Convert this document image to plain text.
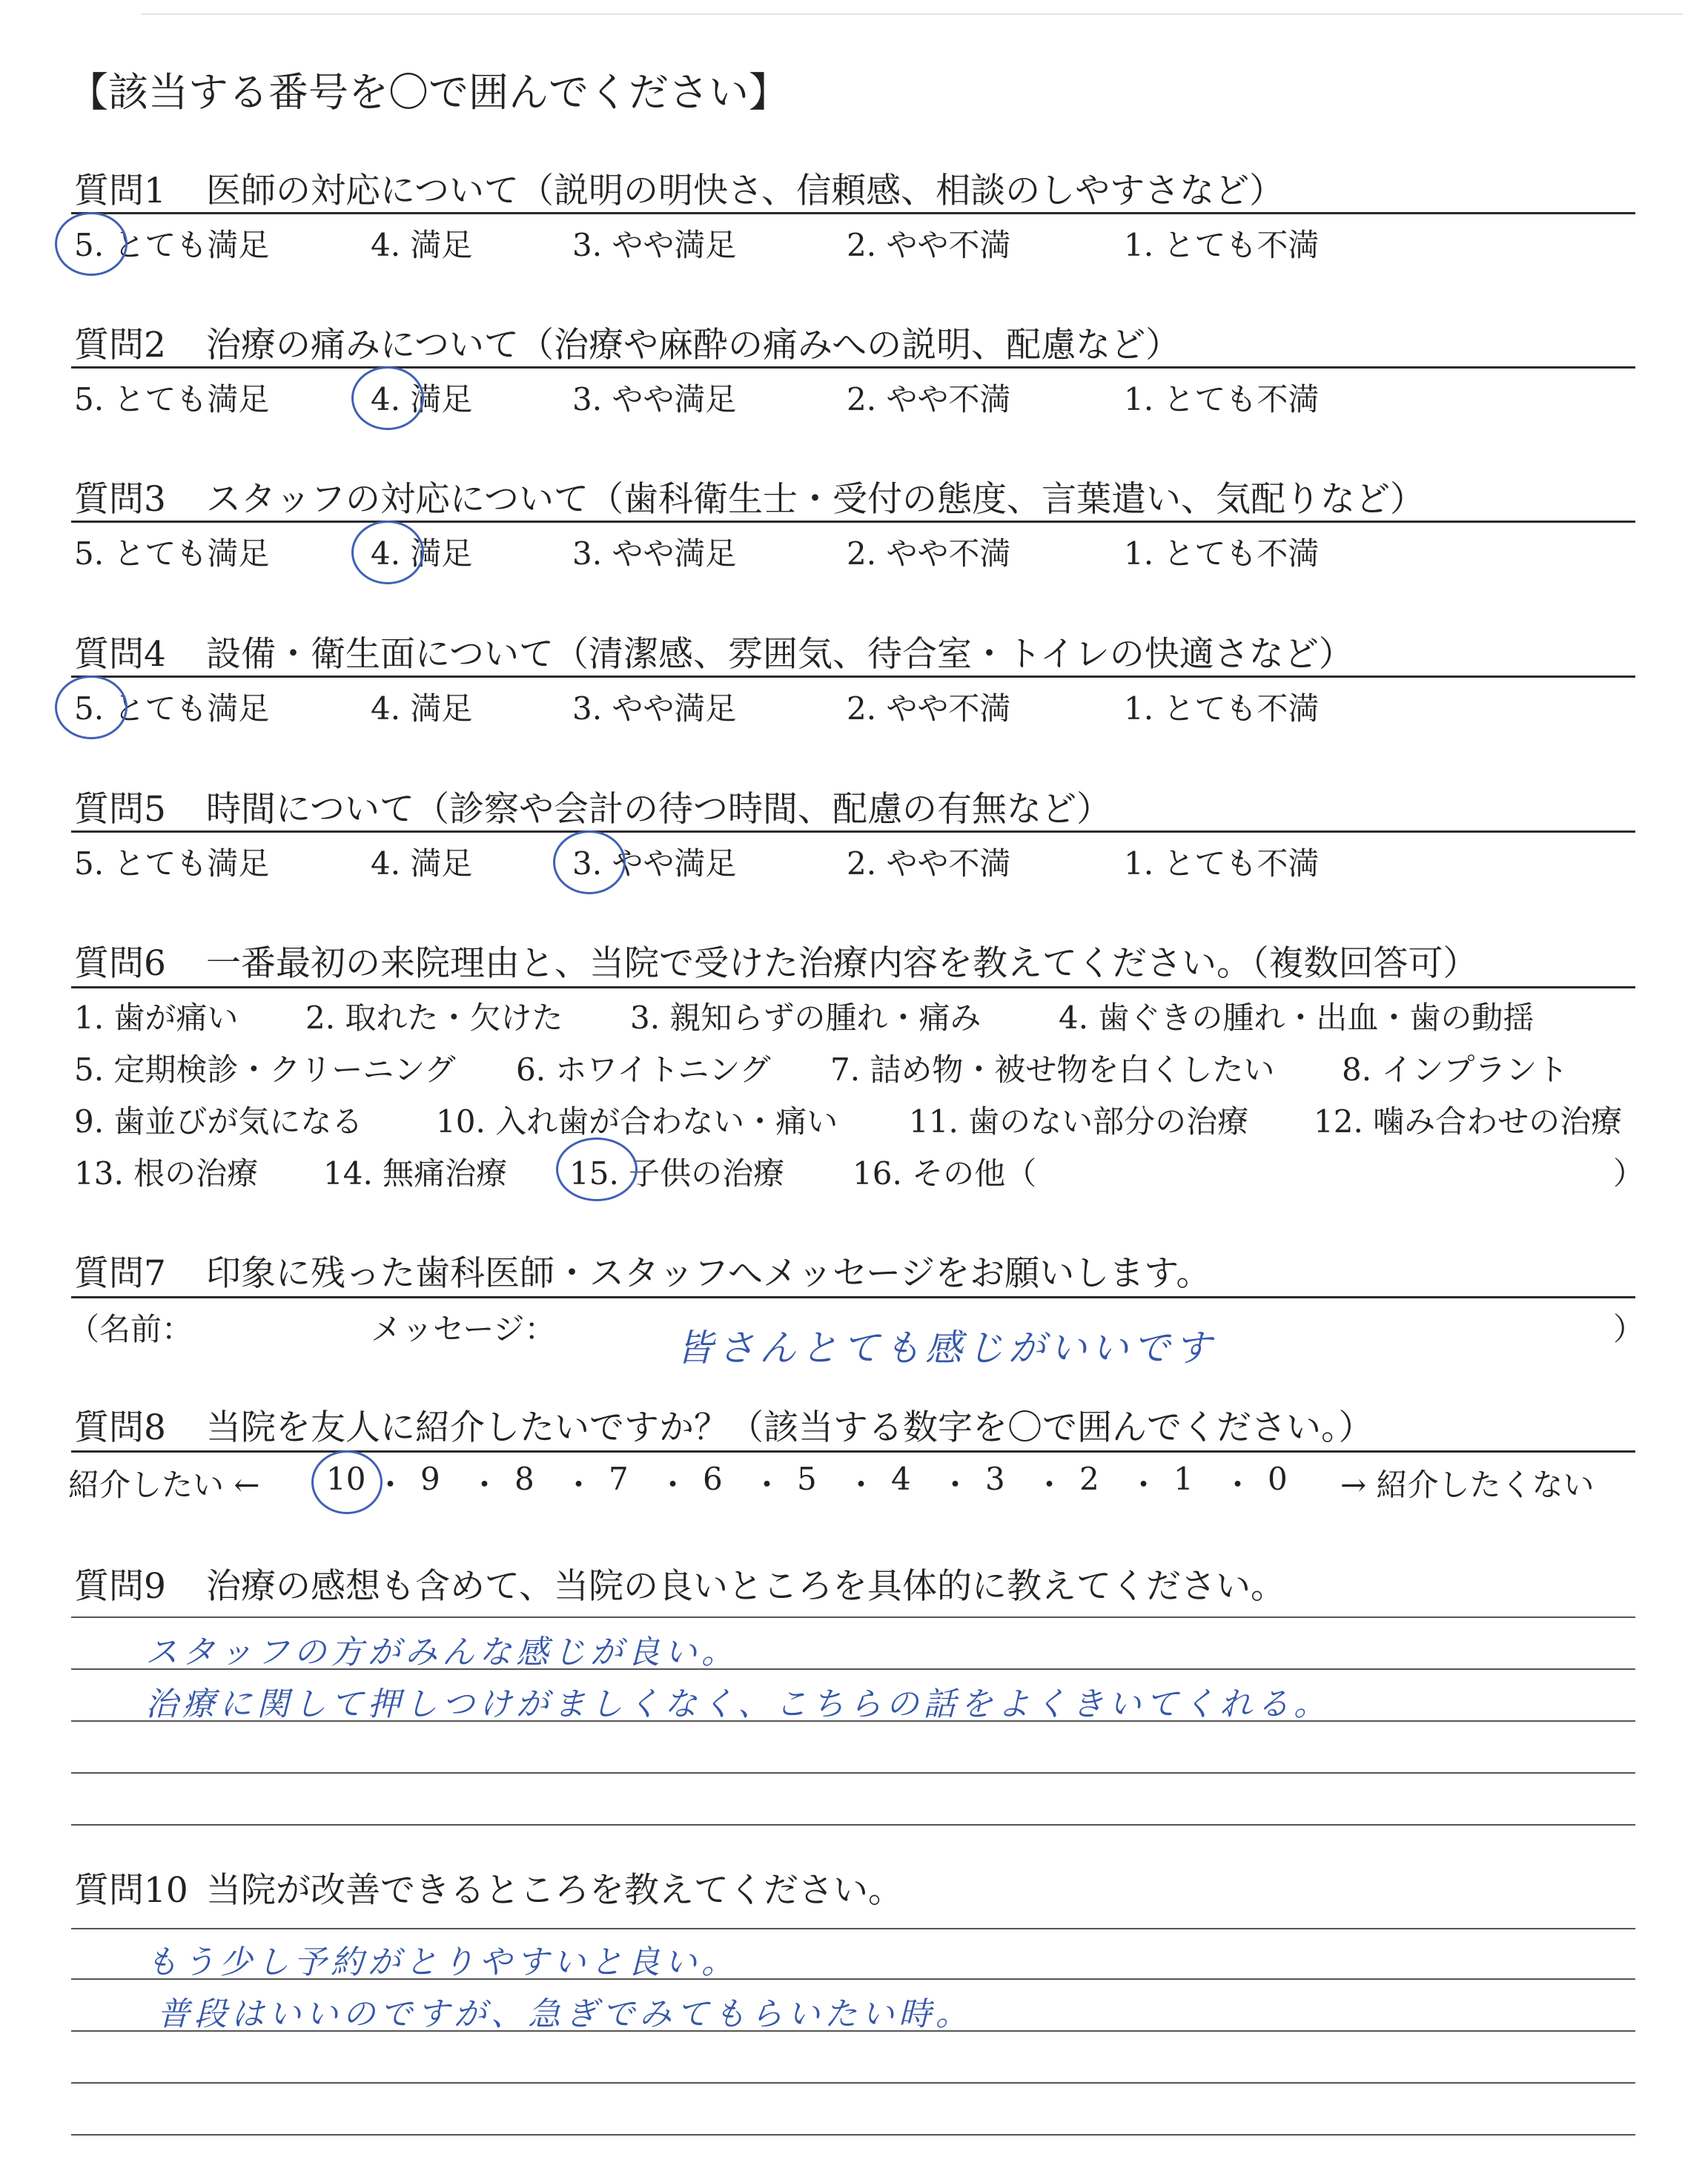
【該当する番号を〇で囲んでください】
質問1 医師の対応について（説明の明快さ、信頼感、相談のしやすさなど）
5. とても満足	4. 満足	3. やや満足	2. やや不満	1. とても不満
質問2 治療の痛みについて（治療や麻酔の痛みへの説明、配慮など）
5. とても満足	4. 満足	3. やや満足	2. やや不満	1. とても不満
質問3 スタッフの対応について（歯科衛生士・受付の態度、言葉遣い、気配りなど）
5. とても満足	4. 満足	3. やや満足	2. やや不満	1. とても不満
質問4 設備・衛生面について（清潔感、雰囲気、待合室・トイレの快適さなど）
5. とても満足	4. 満足	3. やや満足	2. やや不満	1. とても不満
質問5 時間について（診察や会計の待つ時間、配慮の有無など）
5. とても満足	4. 満足	3. やや満足	2. やや不満	1. とても不満
質問6 一番最初の来院理由と、当院で受けた治療内容を教えてください。（複数回答可）
1. 歯が痛い 2. 取れた・欠けた 3. 親知らずの腫れ・痛み 4. 歯ぐきの腫れ・出血・歯の動揺
5. 定期検診・クリーニング 6. ホワイトニング 7. 詰め物・被せ物を白くしたい 8. インプラント
9. 歯並びが気になる 10. 入れ歯が合わない・痛い 11. 歯のない部分の治療 12. 噛み合わせの治療
13. 根の治療 14. 無痛治療 15. 子供の治療 16. その他（	）
質問7 印象に残った歯科医師・スタッフへメッセージをお願いします。
（名前：	メッセージ：	）
皆さんとても感じがいいです
質問8 当院を友人に紹介したいですか？（該当する数字を〇で囲んでください。）
紹介したい ← 10 ・ 9 ・ 8 ・ 7 ・ 6 ・ 5 ・ 4 ・ 3 ・ 2 ・ 1 ・ 0 → 紹介したくない
質問9 治療の感想も含めて、当院の良いところを具体的に教えてください。
スタッフの方がみんな感じが良い。
治療に関して押しつけがましくなく、こちらの話をよくきいてくれる。
質問10 当院が改善できるところを教えてください。
もう少し予約がとりやすいと良い。
普段はいいのですが、急ぎでみてもらいたい時。
